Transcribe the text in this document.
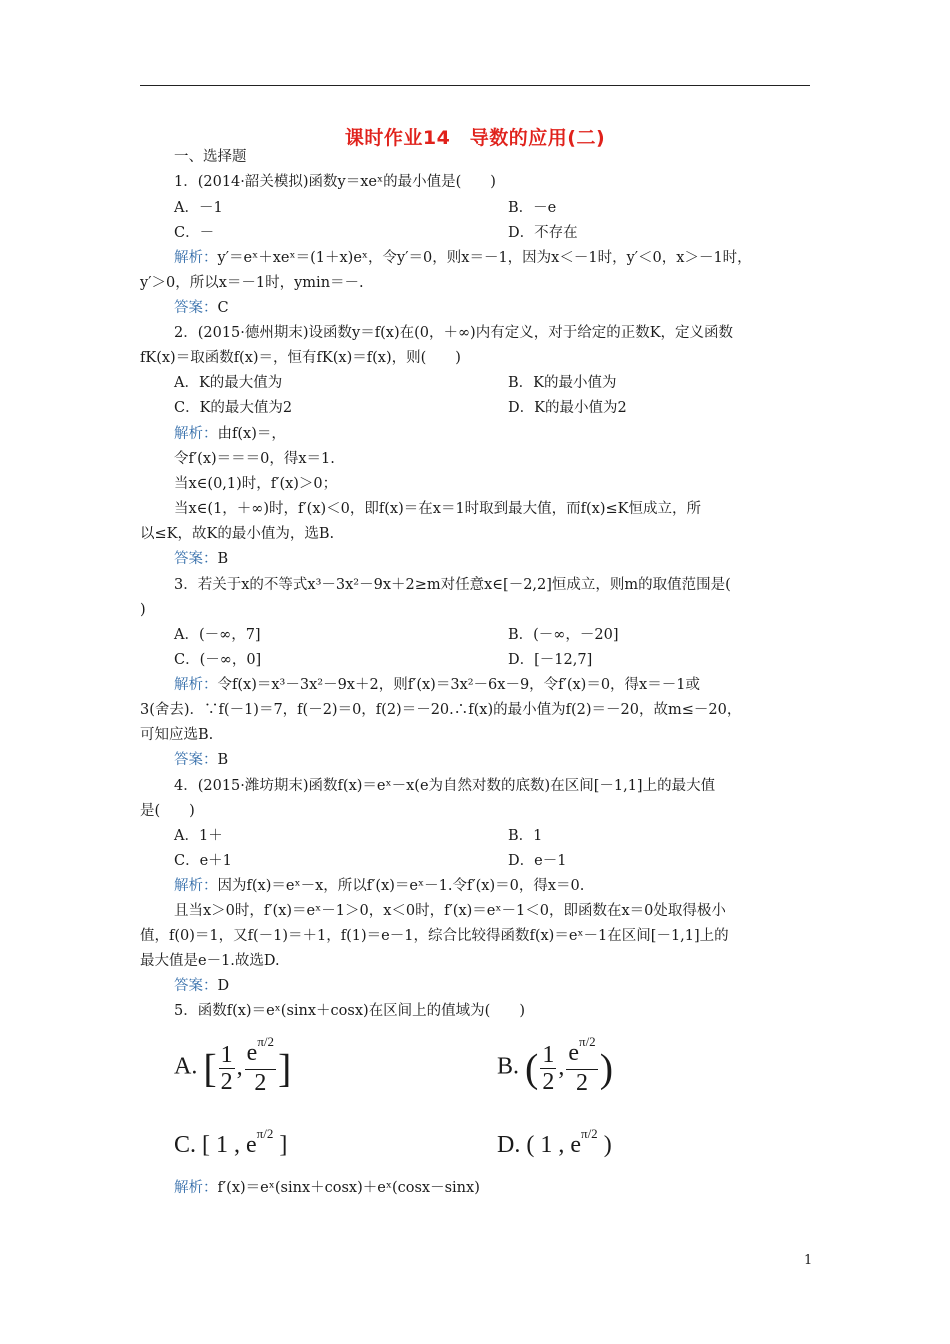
课时作业14　导数的应用(二)
一、选择题
1．(2014·韶关模拟)函数y＝xeˣ的最小值是(　　)
A．－1	B．－e
C．－	D．不存在
解析：y′＝eˣ＋xeˣ＝(1＋x)eˣ，令y′＝0，则x＝－1，因为x＜－1时，y′＜0，x＞－1时，
y′＞0，所以x＝－1时，ymin＝－.
答案：C
2．(2015·德州期末)设函数y＝f(x)在(0，＋∞)内有定义，对于给定的正数K，定义函数
fK(x)＝取函数f(x)＝，恒有fK(x)＝f(x)，则(　　)
A．K的最大值为	B．K的最小值为
C．K的最大值为2	D．K的最小值为2
解析：由f(x)＝，
令f′(x)＝＝＝0，得x＝1.
当x∈(0,1)时，f′(x)＞0；
当x∈(1，＋∞)时，f′(x)＜0，即f(x)＝在x＝1时取到最大值，而f(x)≤K恒成立，所
以≤K，故K的最小值为，选B.
答案：B
3．若关于x的不等式x³－3x²－9x＋2≥m对任意x∈[－2,2]恒成立，则m的取值范围是(
)
A．(－∞，7]	B．(－∞，－20]
C．(－∞，0]	D．[－12,7]
解析：令f(x)＝x³－3x²－9x＋2，则f′(x)＝3x²－6x－9，令f′(x)＝0，得x＝－1或
3(舍去)．∵f(－1)＝7，f(－2)＝0，f(2)＝－20.∴f(x)的最小值为f(2)＝－20，故m≤－20，
可知应选B.
答案：B
4．(2015·潍坊期末)函数f(x)＝eˣ－x(e为自然对数的底数)在区间[－1,1]上的最大值
是(　　)
A．1＋	B．1
C．e＋1	D．e－1
解析：因为f(x)＝eˣ－x，所以f′(x)＝eˣ－1.令f′(x)＝0，得x＝0.
且当x＞0时，f′(x)＝eˣ－1＞0，x＜0时，f′(x)＝eˣ－1＜0，即函数在x＝0处取得极小
值，f(0)＝1，又f(－1)＝＋1，f(1)＝e－1，综合比较得函数f(x)＝eˣ－1在区间[－1,1]上的
最大值是e－1.故选D.
答案：D
5．函数f(x)＝eˣ(sinx＋cosx)在区间上的值域为(　　)
A. [ $\frac{1}{2}$ , $\frac{e^{\pi/2}}{2}$ ]	B. ( $\frac{1}{2}$ , $\frac{e^{\pi/2}}{2}$ )
C. [ 1 , $e^{\pi/2}$ ]	D. ( 1 , $e^{\pi/2}$ )
解析：f′(x)＝eˣ(sinx＋cosx)＋eˣ(cosx－sinx)
1
